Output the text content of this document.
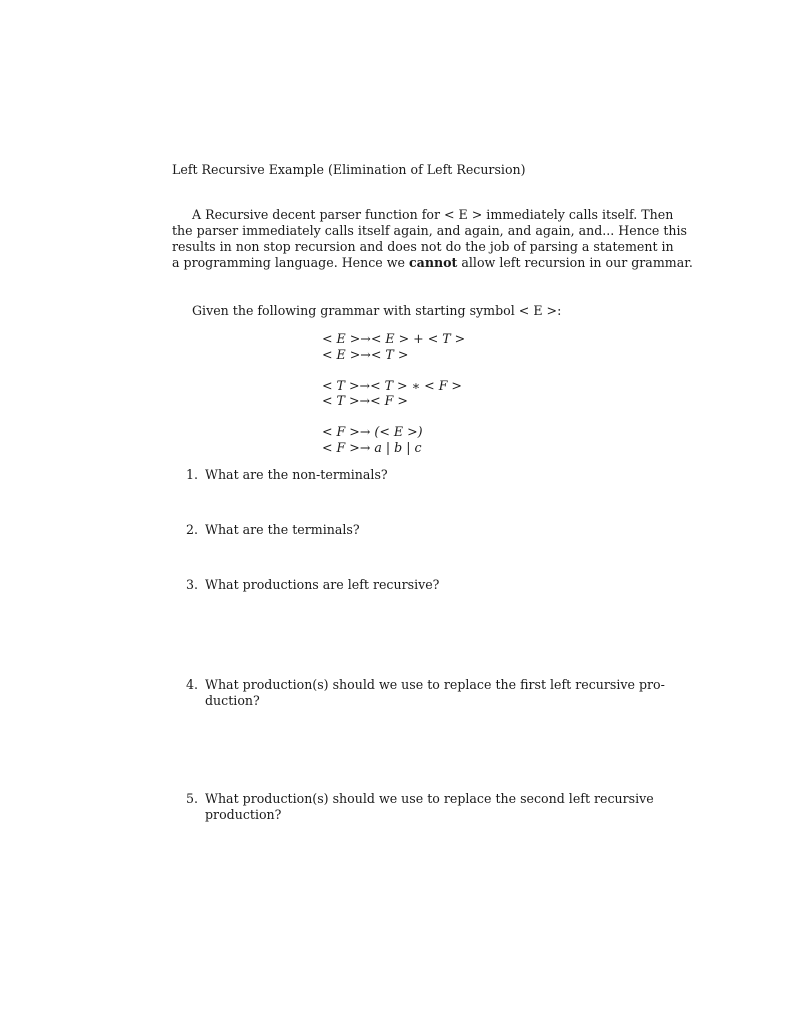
Left Recursive Example (Elimination of Left Recursion)
A Recursive decent parser function for < E > immediately calls itself. Then
the parser immediately calls itself again, and again, and again, and... Hence this
results in non stop recursion and does not do the job of parsing a statement in
a programming language. Hence we cannot allow left recursion in our grammar.
Given the following grammar with starting symbol < E >:
< E >→< E > + < T >
< E >→< T >
< T >→< T > ∗ < F >
< T >→< F >
< F >→ (< E >)
< F >→ a | b | c
1. What are the non-terminals?
2. What are the terminals?
3. What productions are left recursive?
4. What production(s) should we use to replace the first left recursive pro-
duction?
5. What production(s) should we use to replace the second left recursive
production?
